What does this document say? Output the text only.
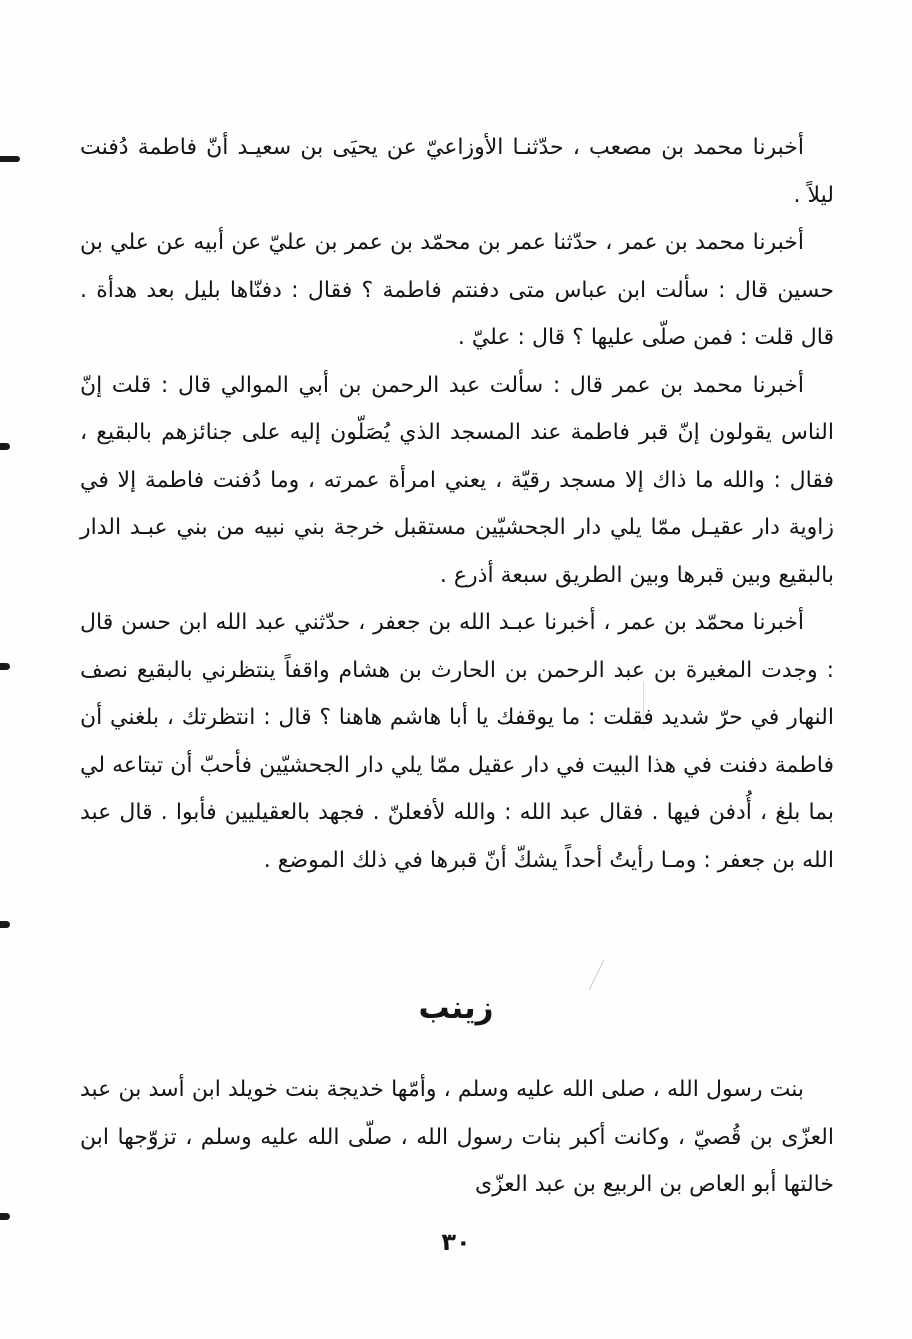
أخبرنا محمد بن مصعب ، حدّثنـا الأوزاعيّ عن يحيَى بن سعيـد أنّ فاطمة دُفنت ليلاً .

أخبرنا محمد بن عمر ، حدّثنا عمر بن محمّد بن عمر بن عليّ عن أبيه عن علي بن حسين قال : سألت ابن عباس متى دفنتم فاطمة ؟ فقال : دفنّاها بليل بعد هدأة . قال قلت : فمن صلّى عليها ؟ قال : عليّ .

أخبرنا محمد بن عمر قال : سألت عبد الرحمن بن أبي الموالي قال : قلت إنّ الناس يقولون إنّ قبر فاطمة عند المسجد الذي يُصَلّون إليه على جنائزهم بالبقيع ، فقال : والله ما ذاك إلا مسجد رقيّة ، يعني امرأة عمرته ، وما دُفنت فاطمة إلا في زاوية دار عقيـل ممّا يلي دار الجحشيّين مستقبل خرجة بني نبيه من بني عبـد الدار بالبقيع وبين قبرها وبين الطريق سبعة أذرع .

أخبرنا محمّد بن عمر ، أخبرنا عبـد الله بن جعفر ، حدّثني عبد الله ابن حسن قال : وجدت المغيرة بن عبد الرحمن بن الحارث بن هشام واقفاً ينتظرني بالبقيع نصف النهار في حرّ شديد فقلت : ما يوقفك يا أبا هاشم هاهنا ؟ قال : انتظرتك ، بلغني أن فاطمة دفنت في هذا البيت في دار عقيل ممّا يلي دار الجحشيّين فأحبّ أن تبتاعه لي بما بلغ ، أُدفن فيها . فقال عبد الله : والله لأفعلنّ . فجهد بالعقيليين فأبوا . قال عبد الله بن جعفر : ومـا رأيتُ أحداً يشكّ أنّ قبرها في ذلك الموضع .

زينب

بنت رسول الله ، صلى الله عليه وسلم ، وأمّها خديجة بنت خويلد ابن أسد بن عبد العزّى بن قُصيّ ، وكانت أكبر بنات رسول الله ، صلّى الله عليه وسلم ، تزوّجها ابن خالتها أبو العاص بن الربيع بن عبد العزّى

٣٠
